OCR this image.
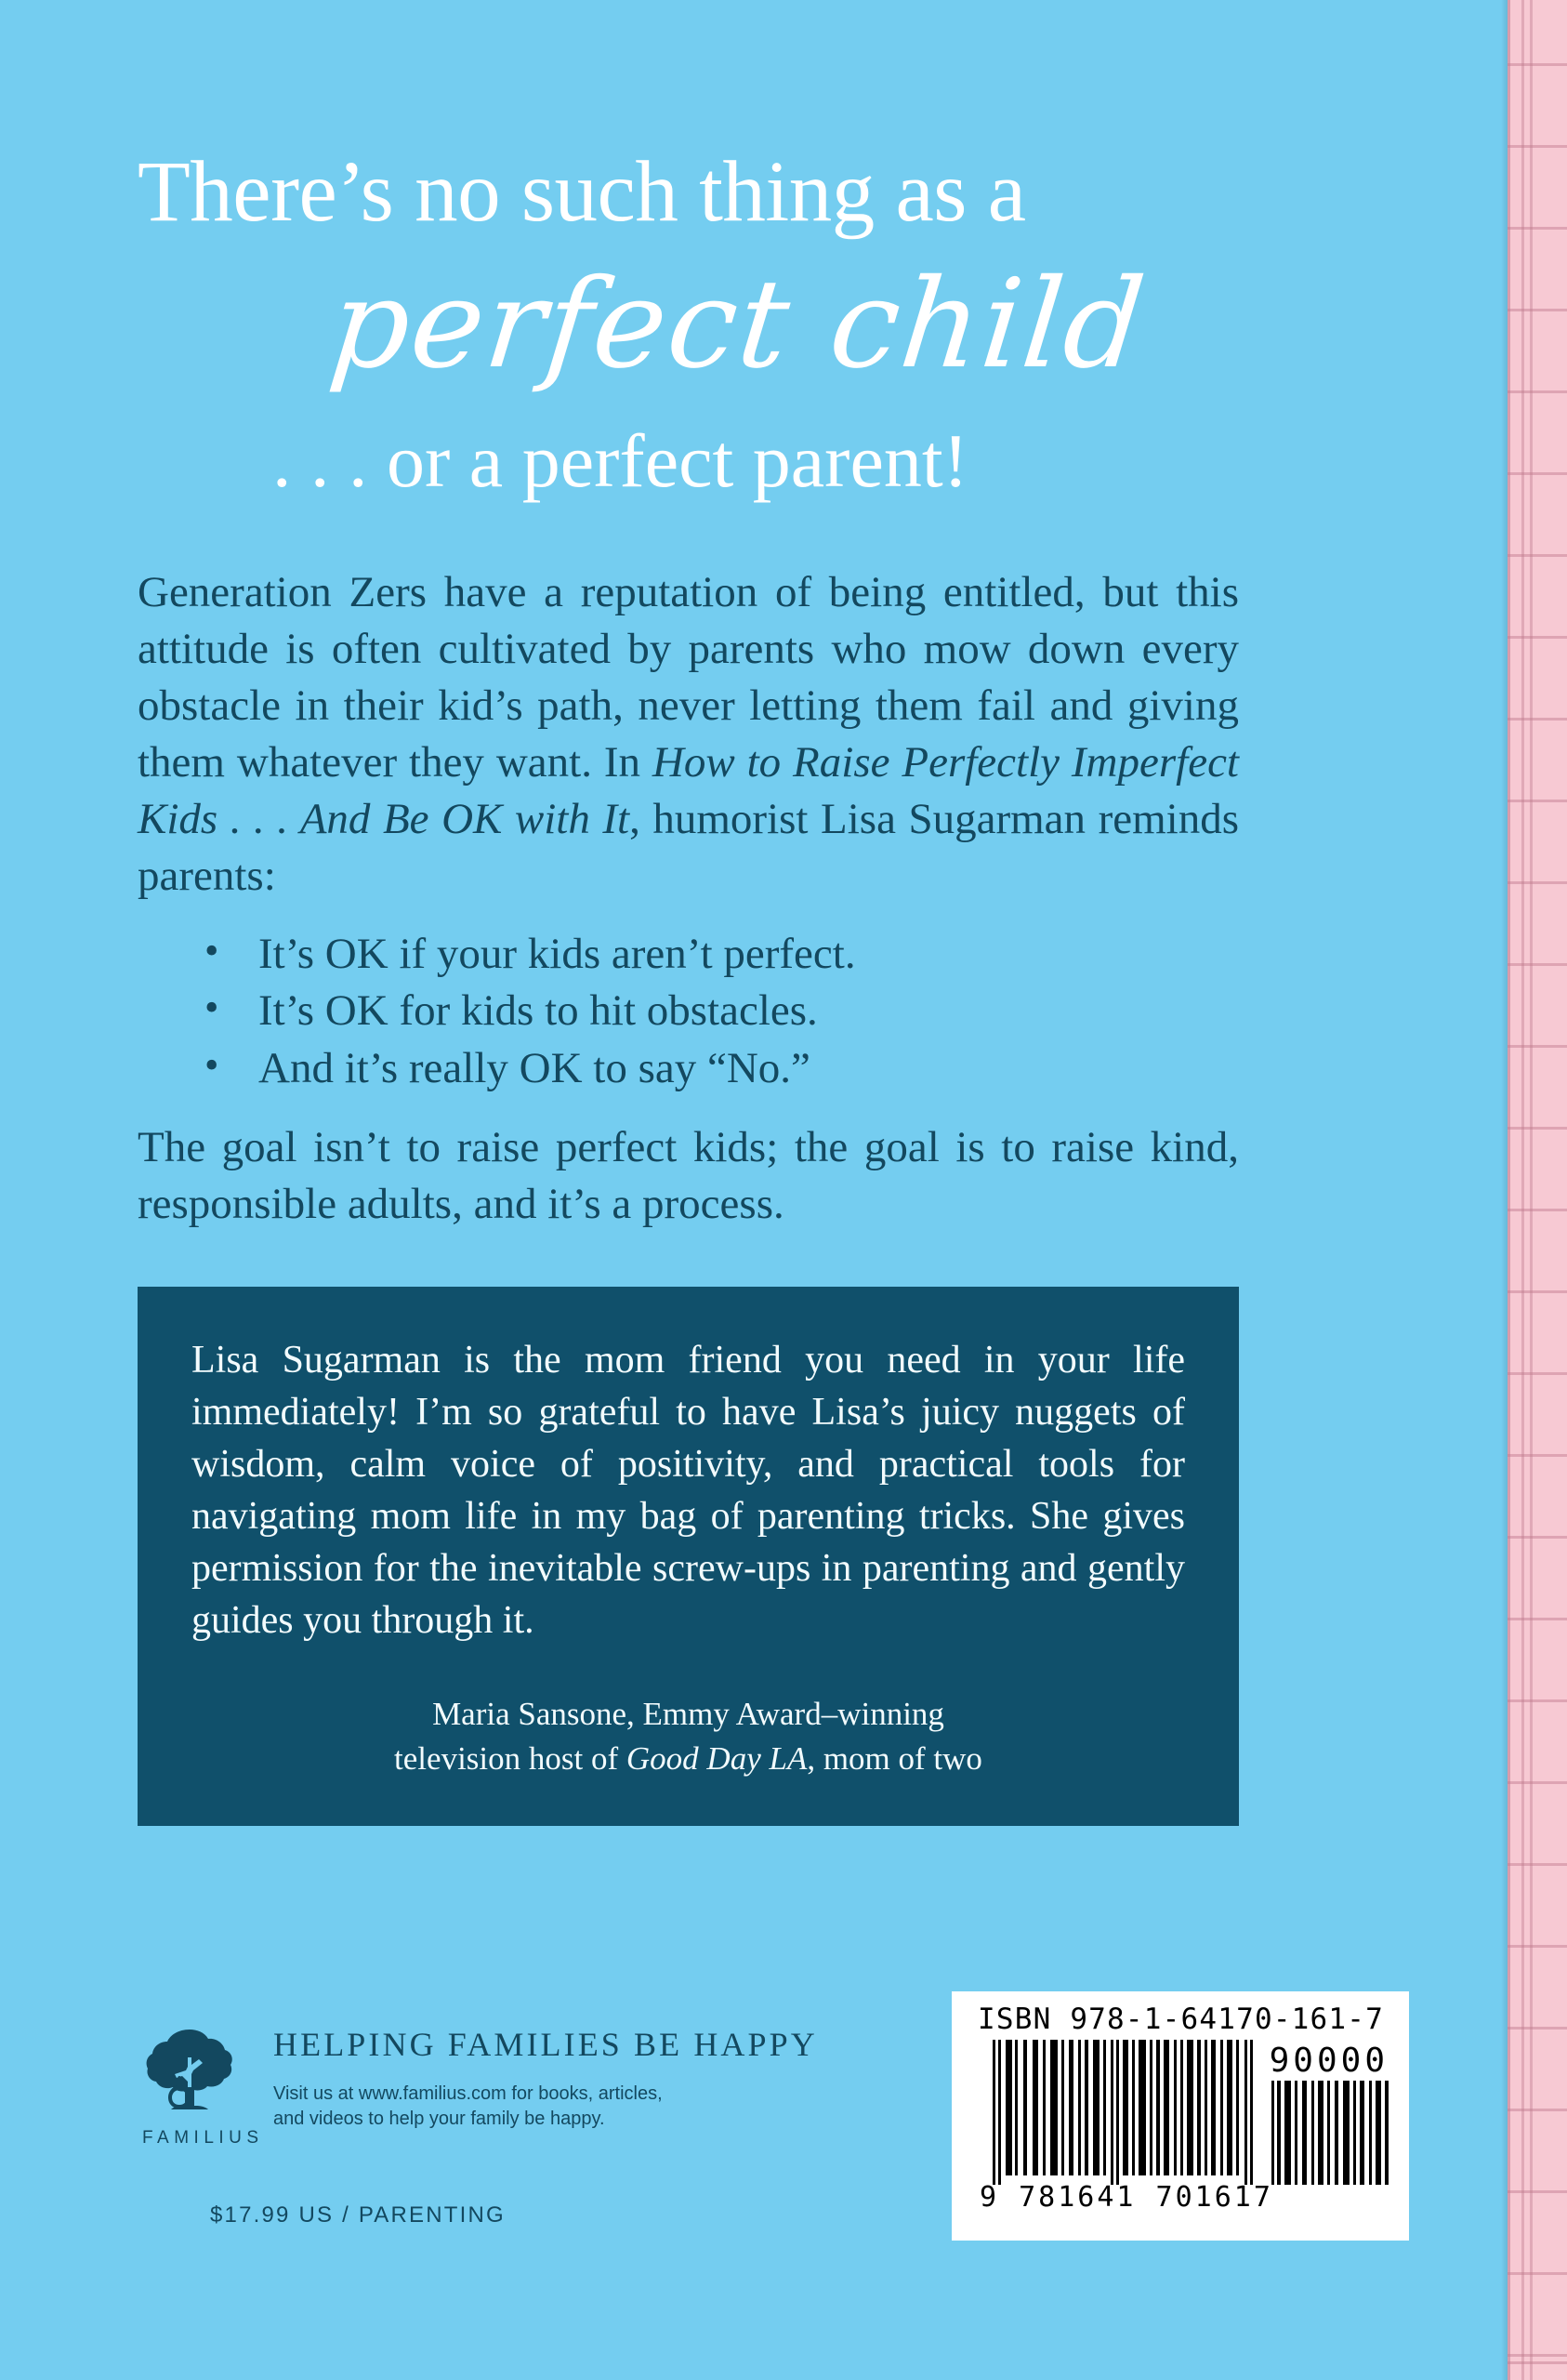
There’s no such thing as a
perfect child
. . . or a perfect parent!

Generation Zers have a reputation of being entitled, but this attitude is often cultivated by parents who mow down every obstacle in their kid’s path, never letting them fail and giving them whatever they want. In How to Raise Perfectly Imperfect Kids . . . And Be OK with It, humorist Lisa Sugarman reminds parents:

• It’s OK if your kids aren’t perfect.
• It’s OK for kids to hit obstacles.
• And it’s really OK to say “No.”

The goal isn’t to raise perfect kids; the goal is to raise kind, responsible adults, and it’s a process.

Lisa Sugarman is the mom friend you need in your life immediately! I’m so grateful to have Lisa’s juicy nuggets of wisdom, calm voice of positivity, and practical tools for navigating mom life in my bag of parenting tricks. She gives permission for the inevitable screw-ups in parenting and gently guides you through it.

Maria Sansone, Emmy Award–winning
television host of Good Day LA, mom of two

FAMILIUS
HELPING FAMILIES BE HAPPY
Visit us at www.familius.com for books, articles, and videos to help your family be happy.
$17.99 US / PARENTING
ISBN 978-1-64170-161-7
90000
9 781641 701617
